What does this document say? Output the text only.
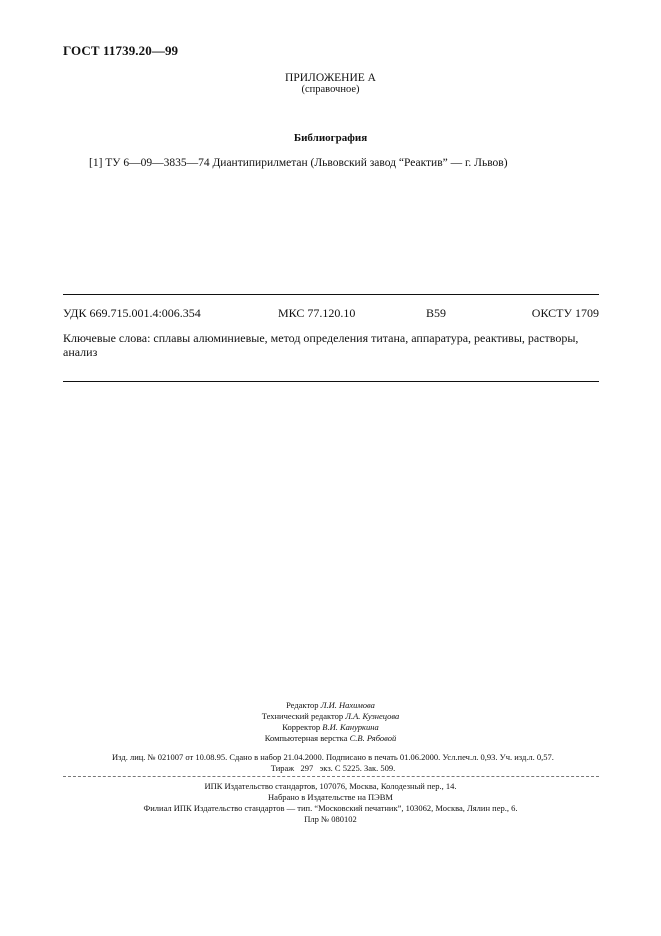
ГОСТ 11739.20—99
ПРИЛОЖЕНИЕ А
(справочное)
Библиография
[1] ТУ 6—09—3835—74 Диантипирилметан (Львовский завод “Реактив” — г. Львов)
УДК 669.715.001.4:006.354	МКС 77.120.10	В59	ОКСТУ 1709
Ключевые слова: сплавы алюминиевые, метод определения титана, аппаратура, реактивы, растворы, анализ
Редактор Л.И. Нахимова
Технический редактор Л.А. Кузнецова
Корректор В.И. Кануркина
Компьютерная верстка С.В. Рябовой
Изд. лиц. № 021007 от 10.08.95. Сдано в набор 21.04.2000. Подписано в печать 01.06.2000. Усл.печ.л. 0,93. Уч. изд.л. 0,57.
Тираж   297   экз. С 5225. Зак. 509.
ИПК Издательство стандартов, 107076, Москва, Колодезный пер., 14.
Набрано в Издательстве на ПЭВМ
Филиал ИПК Издательство стандартов — тип. “Московский печатник”, 103062, Москва, Лялин пер., 6.
Плр № 080102
